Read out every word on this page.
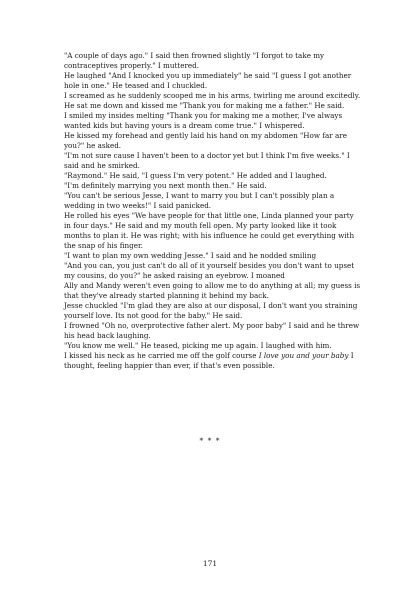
"A couple of days ago." I said then frowned slightly "I forgot to take my
contraceptives properly." I muttered.
He laughed "And I knocked you up immediately" he said "I guess I got another
hole in one." He teased and I chuckled.
I screamed as he suddenly scooped me in his arms, twirling me around excitedly.
He sat me down and kissed me "Thank you for making me a father." He said.
I smiled my insides melting "Thank you for making me a mother, I've always
wanted kids but having yours is a dream come true." I whispered.
He kissed my forehead and gently laid his hand on my abdomen "How far are
you?" he asked.
"I'm not sure cause I haven't been to a doctor yet but I think I'm five weeks." I
said and he smirked.
"Raymond." He said, "I guess I'm very potent." He added and I laughed.
"I'm definitely marrying you next month then." He said.
"You can't be serious Jesse, I want to marry you but I can't possibly plan a
wedding in two weeks!" I said panicked.
He rolled his eyes "We have people for that little one, Linda planned your party
in four days." He said and my mouth fell open. My party looked like it took
months to plan it. He was right; with his influence he could get everything with
the snap of his finger.
"I want to plan my own wedding Jesse." I said and he nodded smiling
"And you can, you just can't do all of it yourself besides you don't want to upset
my cousins, do you?" he asked raising an eyebrow. I moaned
Ally and Mandy weren't even going to allow me to do anything at all; my guess is
that they've already started planning it behind my back.
Jesse chuckled "I'm glad they are also at our disposal, I don't want you straining
yourself love. Its not good for the baby." He said.
I frowned "Oh no, overprotective father alert. My poor baby" I said and he threw
his head back laughing.
"You know me well." He teased, picking me up again. I laughed with him.
I kissed his neck as he carried me off the golf course I love you and your baby I
thought, feeling happier than ever, if that's even possible.
* * *
171
